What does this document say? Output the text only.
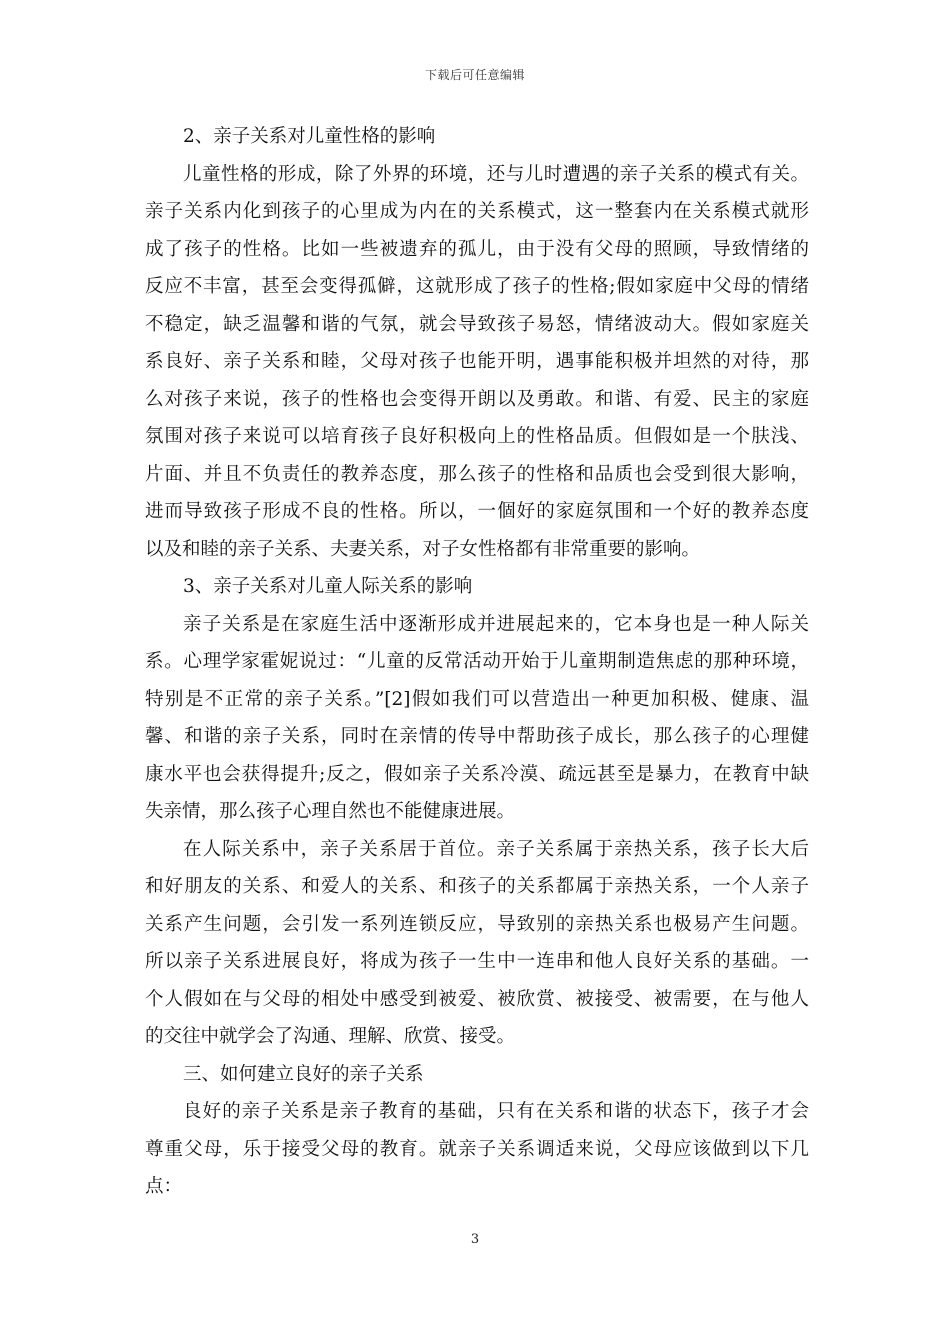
下载后可任意编辑
2、亲子关系对儿童性格的影响
儿童性格的形成，除了外界的环境，还与儿时遭遇的亲子关系的模式有关。
亲子关系内化到孩子的心里成为内在的关系模式，这一整套内在关系模式就形
成了孩子的性格。比如一些被遗弃的孤儿，由于没有父母的照顾，导致情绪的
反应不丰富，甚至会变得孤僻，这就形成了孩子的性格;假如家庭中父母的情绪
不稳定，缺乏温馨和谐的气氛，就会导致孩子易怒，情绪波动大。假如家庭关
系良好、亲子关系和睦，父母对孩子也能开明，遇事能积极并坦然的对待，那
么对孩子来说，孩子的性格也会变得开朗以及勇敢。和谐、有爱、民主的家庭
氛围对孩子来说可以培育孩子良好积极向上的性格品质。但假如是一个肤浅、
片面、并且不负责任的教养态度，那么孩子的性格和品质也会受到很大影响，
进而导致孩子形成不良的性格。所以，一個好的家庭氛围和一个好的教养态度
以及和睦的亲子关系、夫妻关系，对子女性格都有非常重要的影响。
3、亲子关系对儿童人际关系的影响
亲子关系是在家庭生活中逐渐形成并进展起来的，它本身也是一种人际关
系。心理学家霍妮说过：“儿童的反常活动开始于儿童期制造焦虑的那种环境，
特别是不正常的亲子关系。”[2]假如我们可以营造出一种更加积极、健康、温
馨、和谐的亲子关系，同时在亲情的传导中帮助孩子成长，那么孩子的心理健
康水平也会获得提升;反之，假如亲子关系冷漠、疏远甚至是暴力，在教育中缺
失亲情，那么孩子心理自然也不能健康进展。
在人际关系中，亲子关系居于首位。亲子关系属于亲热关系，孩子长大后
和好朋友的关系、和爱人的关系、和孩子的关系都属于亲热关系，一个人亲子
关系产生问题，会引发一系列连锁反应，导致别的亲热关系也极易产生问题。
所以亲子关系进展良好，将成为孩子一生中一连串和他人良好关系的基础。一
个人假如在与父母的相处中感受到被爱、被欣赏、被接受、被需要，在与他人
的交往中就学会了沟通、理解、欣赏、接受。
三、如何建立良好的亲子关系
良好的亲子关系是亲子教育的基础，只有在关系和谐的状态下，孩子才会
尊重父母，乐于接受父母的教育。就亲子关系调适来说，父母应该做到以下几
点：
3
